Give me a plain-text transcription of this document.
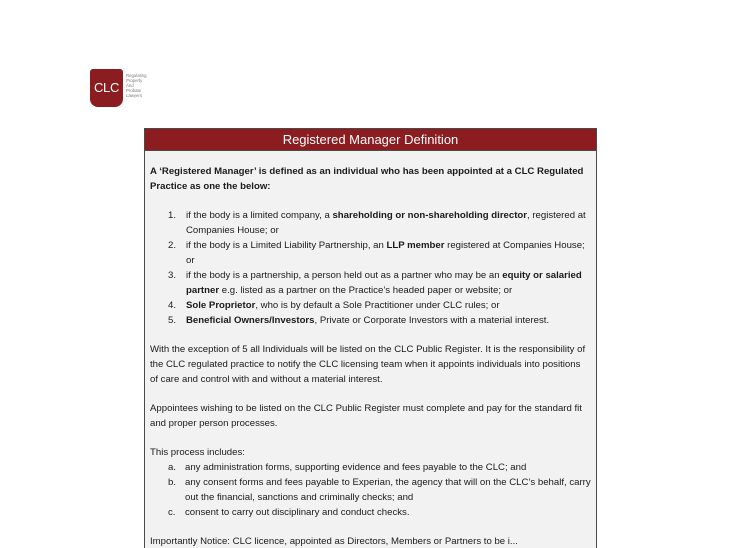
CLC
Regulating
Property
And
Probate
Lawyers
Registered Manager Definition

A ‘Registered Manager’ is defined as an individual who has been appointed at a CLC Regulated Practice as one the below:

1.	if the body is a limited company, a shareholding or non-shareholding director, registered at Companies House; or
2.	if the body is a Limited Liability Partnership, an LLP member registered at Companies House; or
3.	if the body is a partnership, a person held out as a partner who may be an equity or salaried partner e.g. listed as a partner on the Practice’s headed paper or website; or
4.	Sole Proprietor, who is by default a Sole Practitioner under CLC rules; or
5.	Beneficial Owners/Investors, Private or Corporate Investors with a material interest.

With the exception of 5 all Individuals will be listed on the CLC Public Register. It is the responsibility of the CLC regulated practice to notify the CLC licensing team when it appoints individuals into positions of care and control with and without a material interest.

Appointees wishing to be listed on the CLC Public Register must complete and pay for the standard fit and proper person processes.

This process includes:

a. any administration forms, supporting evidence and fees payable to the CLC; and
b. any consent forms and fees payable to Experian, the agency that will on the CLC’s behalf, carry out the financial, sanctions and criminally checks; and
c. consent to carry out disciplinary and conduct checks.

Importantly Notice: CLC licence, appointed as Directors, Members or Partners to be i...
